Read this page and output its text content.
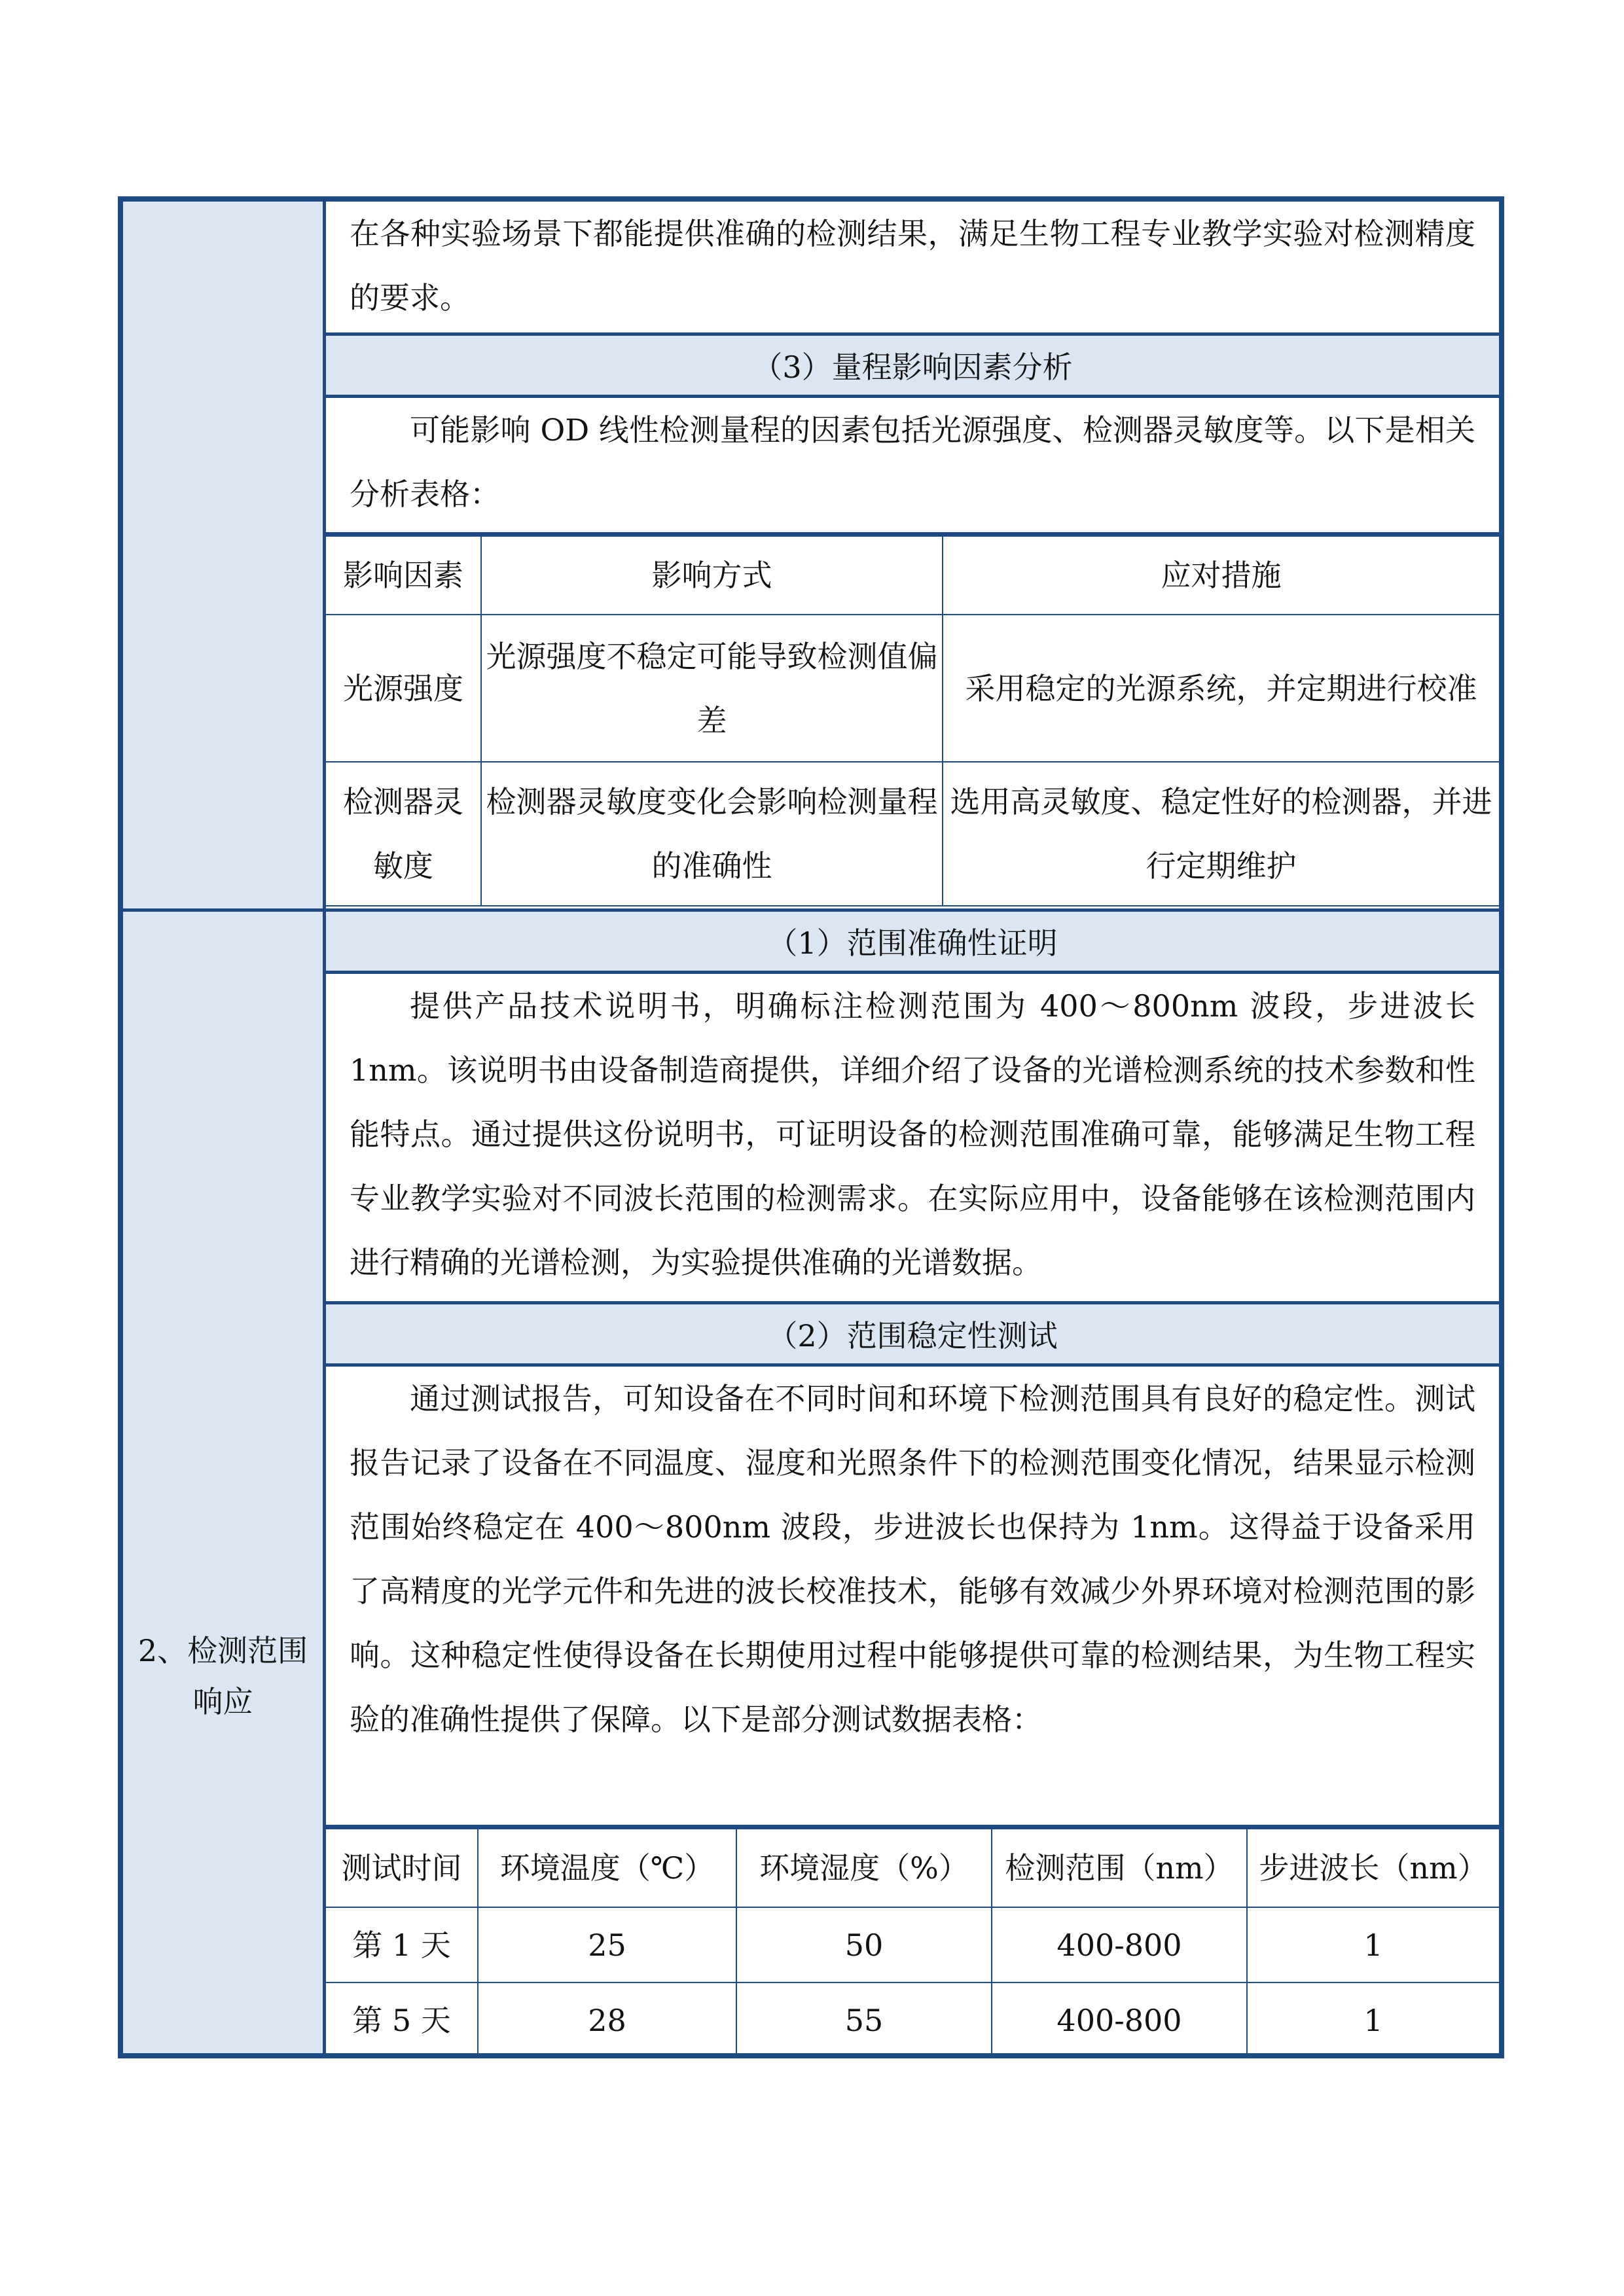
2、检测范围响应
在各种实验场景下都能提供准确的检测结果，满足生物工程专业教学实验对检测精度的要求。
（3）量程影响因素分析
可能影响 OD 线性检测量程的因素包括光源强度、检测器灵敏度等。以下是相关分析表格：
影响因素	影响方式	应对措施
光源强度	光源强度不稳定可能导致检测值偏差	采用稳定的光源系统，并定期进行校准
检测器灵敏度	检测器灵敏度变化会影响检测量程的准确性	选用高灵敏度、稳定性好的检测器，并进行定期维护
（1）范围准确性证明
提供产品技术说明书，明确标注检测范围为 400～800nm 波段，步进波长 1nm。该说明书由设备制造商提供，详细介绍了设备的光谱检测系统的技术参数和性能特点。通过提供这份说明书，可证明设备的检测范围准确可靠，能够满足生物工程专业教学实验对不同波长范围的检测需求。在实际应用中，设备能够在该检测范围内进行精确的光谱检测，为实验提供准确的光谱数据。
（2）范围稳定性测试
通过测试报告，可知设备在不同时间和环境下检测范围具有良好的稳定性。测试报告记录了设备在不同温度、湿度和光照条件下的检测范围变化情况，结果显示检测范围始终稳定在 400～800nm 波段，步进波长也保持为 1nm。这得益于设备采用了高精度的光学元件和先进的波长校准技术，能够有效减少外界环境对检测范围的影响。这种稳定性使得设备在长期使用过程中能够提供可靠的检测结果，为生物工程实验的准确性提供了保障。以下是部分测试数据表格：
测试时间	环境温度（℃）	环境湿度（%）	检测范围（nm）	步进波长（nm）
第 1 天	25	50	400-800	1
第 5 天	28	55	400-800	1
